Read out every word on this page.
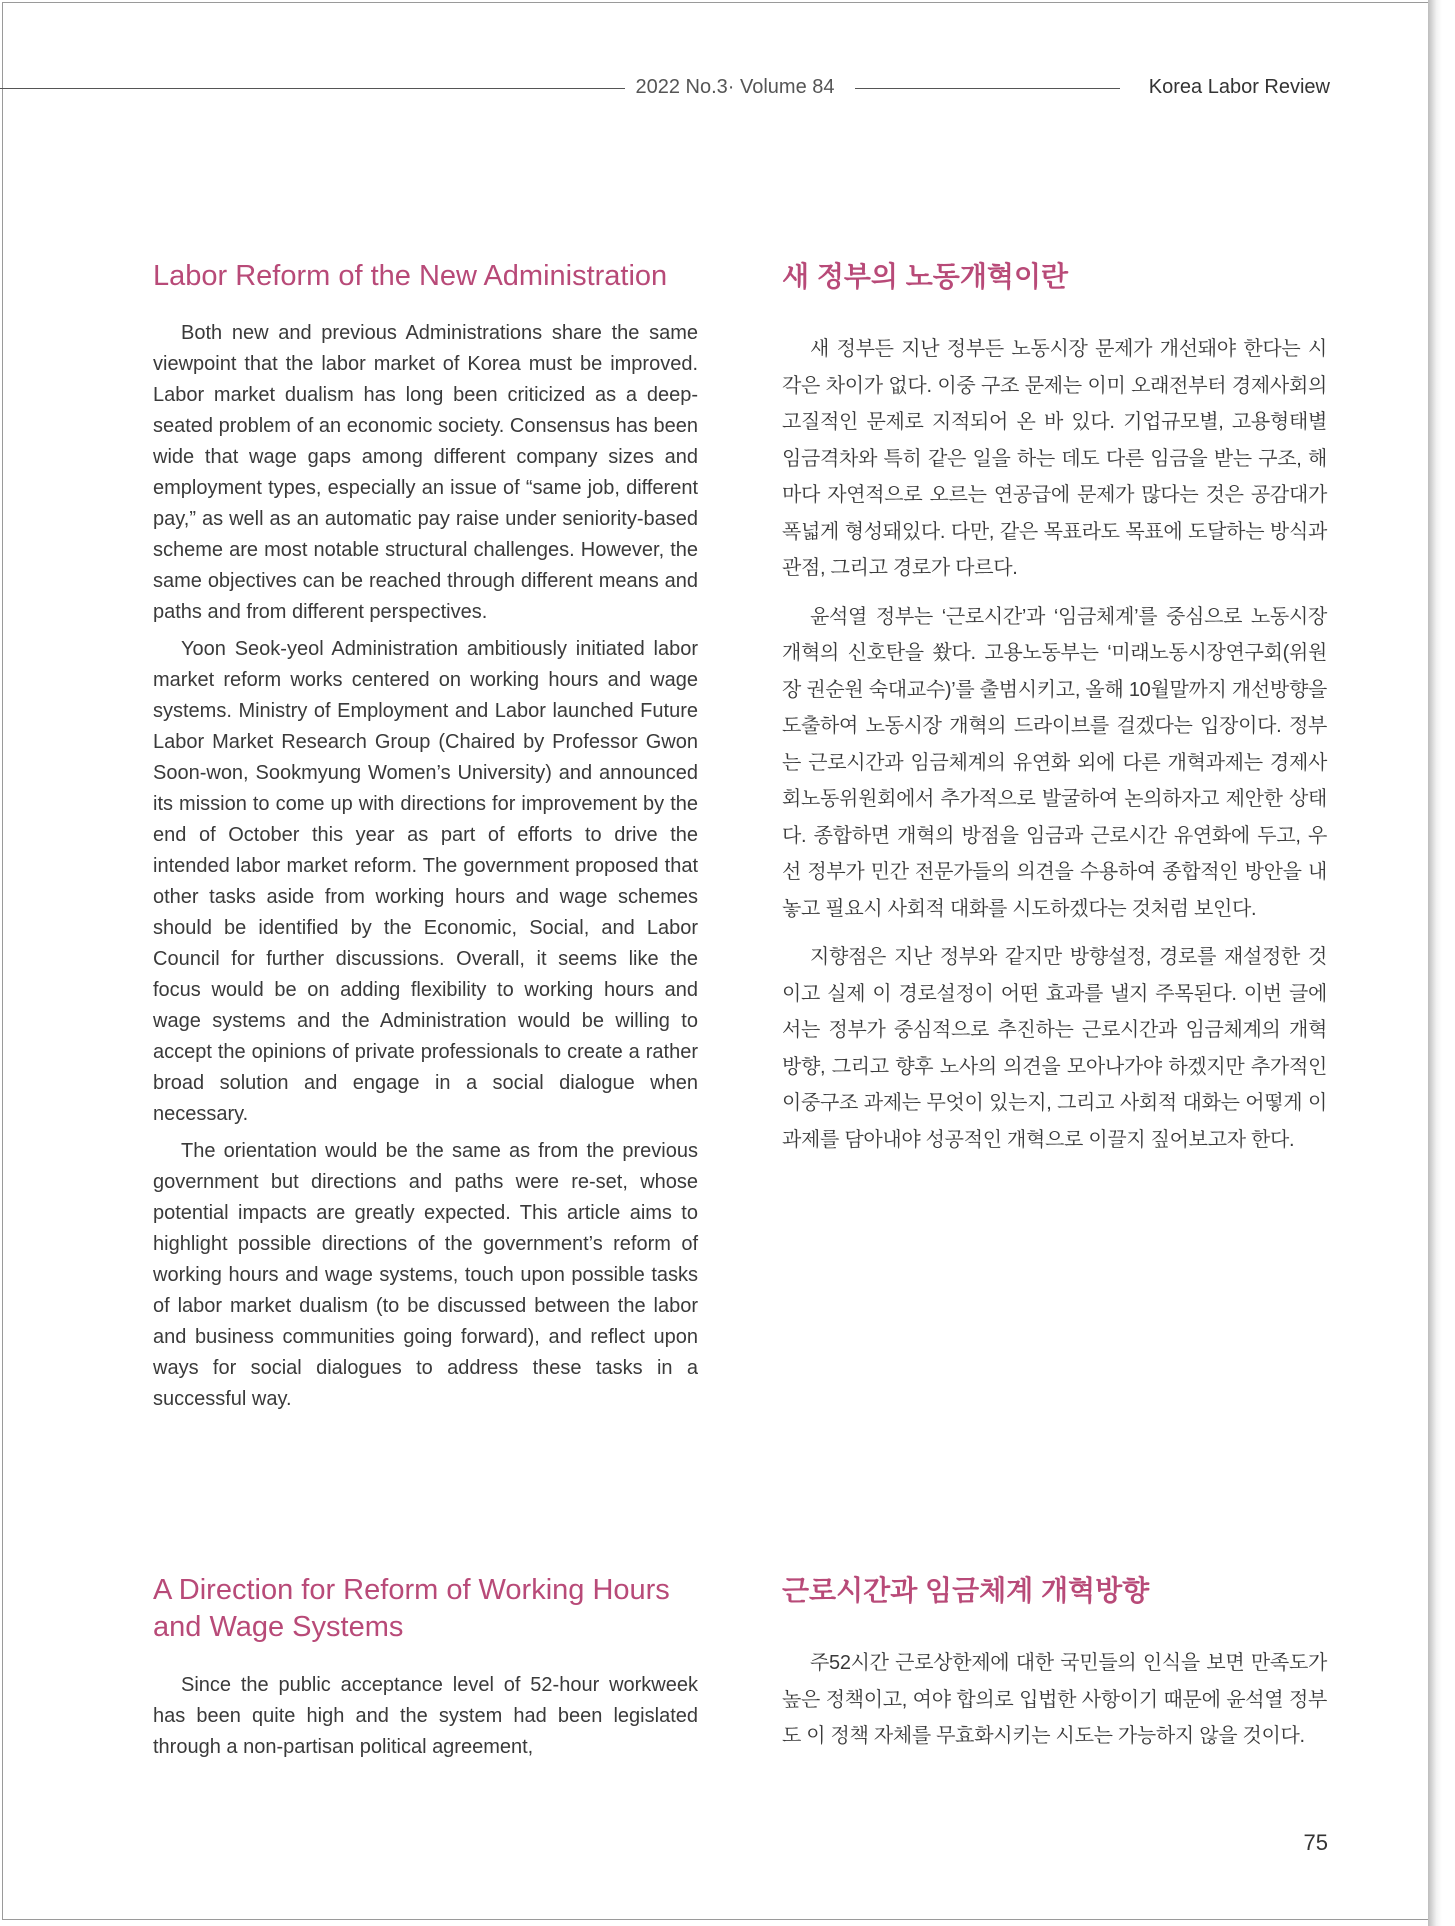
2022 No.3· Volume 84	Korea Labor Review
Labor Reform of the New Administration

Both new and previous Administrations share the same viewpoint that the labor market of Korea must be improved. Labor market dualism has long been criticized as a deep-seated problem of an economic society. Consensus has been wide that wage gaps among different company sizes and employment types, especially an issue of “same job, different pay,” as well as an automatic pay raise under seniority-based scheme are most notable structural challenges. However, the same objectives can be reached through different means and paths and from different perspectives.

Yoon Seok-yeol Administration ambitiously initiated labor market reform works centered on working hours and wage systems. Ministry of Employment and Labor launched Future Labor Market Research Group (Chaired by Professor Gwon Soon-won, Sookmyung Women’s University) and announced its mission to come up with directions for improvement by the end of October this year as part of efforts to drive the intended labor market reform. The government proposed that other tasks aside from working hours and wage schemes should be identified by the Economic, Social, and Labor Council for further discussions. Overall, it seems like the focus would be on adding flexibility to working hours and wage systems and the Administration would be willing to accept the opinions of private professionals to create a rather broad solution and engage in a social dialogue when necessary.

The orientation would be the same as from the previous government but directions and paths were re-set, whose potential impacts are greatly expected. This article aims to highlight possible directions of the government’s reform of working hours and wage systems, touch upon possible tasks of labor market dualism (to be discussed between the labor and business communities going forward), and reflect upon ways for social dialogues to address these tasks in a successful way.

새 정부의 노동개혁이란

새 정부든 지난 정부든 노동시장 문제가 개선돼야 한다는 시각은 차이가 없다. 이중 구조 문제는 이미 오래전부터 경제사회의 고질적인 문제로 지적되어 온 바 있다. 기업규모별, 고용형태별 임금격차와 특히 같은 일을 하는 데도 다른 임금을 받는 구조, 해마다 자연적으로 오르는 연공급에 문제가 많다는 것은 공감대가 폭넓게 형성돼있다. 다만, 같은 목표라도 목표에 도달하는 방식과 관점, 그리고 경로가 다르다.

윤석열 정부는 ‘근로시간’과 ‘임금체계’를 중심으로 노동시장 개혁의 신호탄을 쐈다. 고용노동부는 ‘미래노동시장연구회(위원장 권순원 숙대교수)’를 출범시키고, 올해 10월말까지 개선방향을 도출하여 노동시장 개혁의 드라이브를 걸겠다는 입장이다. 정부는 근로시간과 임금체계의 유연화 외에 다른 개혁과제는 경제사회노동위원회에서 추가적으로 발굴하여 논의하자고 제안한 상태다. 종합하면 개혁의 방점을 임금과 근로시간 유연화에 두고, 우선 정부가 민간 전문가들의 의견을 수용하여 종합적인 방안을 내놓고 필요시 사회적 대화를 시도하겠다는 것처럼 보인다.

지향점은 지난 정부와 같지만 방향설정, 경로를 재설정한 것이고 실제 이 경로설정이 어떤 효과를 낼지 주목된다. 이번 글에서는 정부가 중심적으로 추진하는 근로시간과 임금체계의 개혁방향, 그리고 향후 노사의 의견을 모아나가야 하겠지만 추가적인 이중구조 과제는 무엇이 있는지, 그리고 사회적 대화는 어떻게 이 과제를 담아내야 성공적인 개혁으로 이끌지 짚어보고자 한다.

A Direction for Reform of Working Hours and Wage Systems

Since the public acceptance level of 52-hour workweek has been quite high and the system had been legislated through a non-partisan political agreement,

근로시간과 임금체계 개혁방향

주52시간 근로상한제에 대한 국민들의 인식을 보면 만족도가 높은 정책이고, 여야 합의로 입법한 사항이기 때문에 윤석열 정부도 이 정책 자체를 무효화시키는 시도는 가능하지 않을 것이다.

75
